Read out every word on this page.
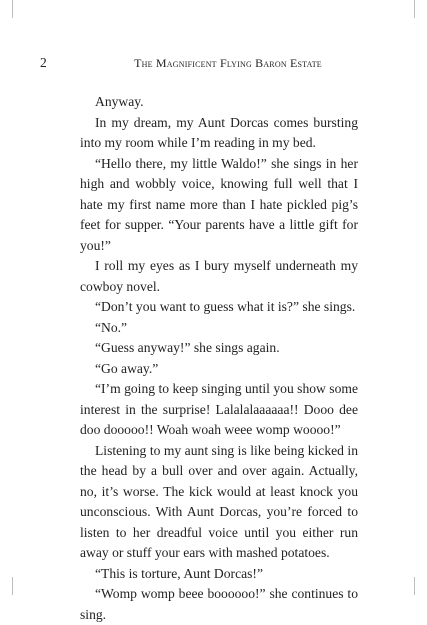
2	The Magnificent Flying Baron Estate

Anyway.

In my dream, my Aunt Dorcas comes bursting into my room while I’m reading in my bed.

“Hello there, my little Waldo!” she sings in her high and wobbly voice, knowing full well that I hate my first name more than I hate pickled pig’s feet for supper. “Your parents have a little gift for you!”

I roll my eyes as I bury myself underneath my cowboy novel.

“Don’t you want to guess what it is?” she sings.

“No.”

“Guess anyway!” she sings again.

“Go away.”

“I’m going to keep singing until you show some interest in the surprise! Lalalalaaaaaa!! Dooo dee doo dooooo!! Woah woah weee womp woooo!”

Listening to my aunt sing is like being kicked in the head by a bull over and over again. Actually, no, it’s worse. The kick would at least knock you unconscious. With Aunt Dorcas, you’re forced to listen to her dreadful voice until you either run away or stuff your ears with mashed potatoes.

“This is torture, Aunt Dorcas!”

“Womp womp beee boooooo!” she continues to sing.
